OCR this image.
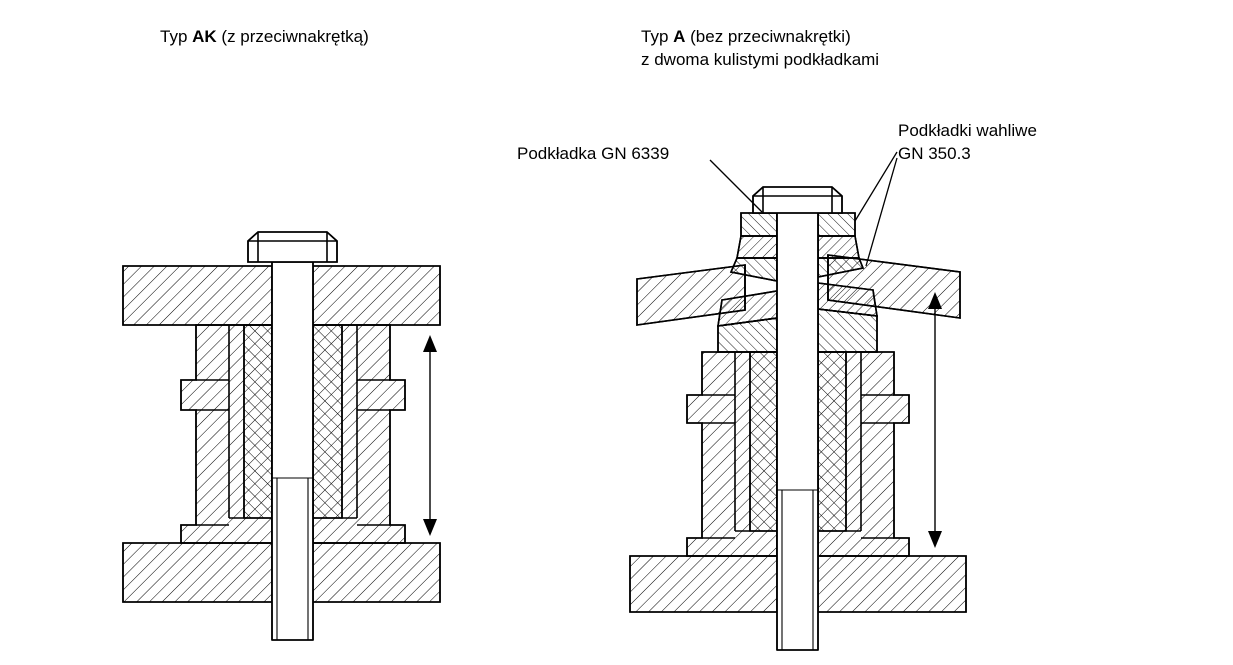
Typ AK (z przeciwnakrętką)	Typ A (bez przeciwnakrętki)
z dwoma kulistymi podkładkami
Podkładka GN 6339
Podkładki wahliwe
GN 350.3
